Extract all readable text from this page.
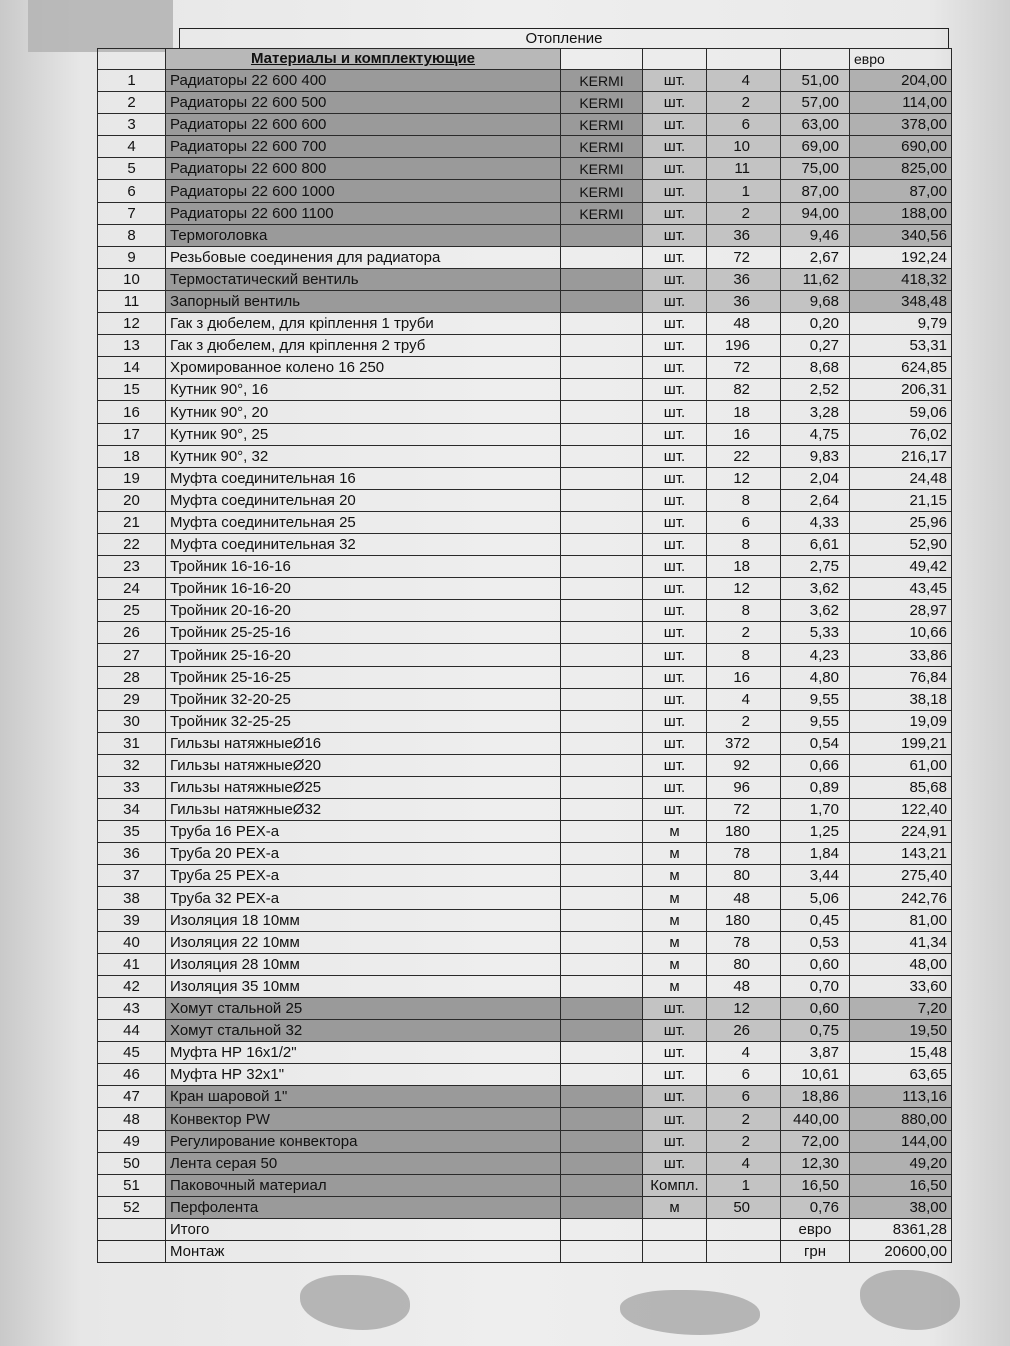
Отопление
	Материалы и комплектующие					евро
1	Радиаторы 22 600 400	KERMI	шт.	4	51,00	204,00
2	Радиаторы 22 600 500	KERMI	шт.	2	57,00	114,00
3	Радиаторы 22 600 600	KERMI	шт.	6	63,00	378,00
4	Радиаторы 22 600 700	KERMI	шт.	10	69,00	690,00
5	Радиаторы 22 600 800	KERMI	шт.	11	75,00	825,00
6	Радиаторы 22 600 1000	KERMI	шт.	1	87,00	87,00
7	Радиаторы 22 600 1100	KERMI	шт.	2	94,00	188,00
8	Термоголовка		шт.	36	9,46	340,56
9	Резьбовые соединения для радиатора		шт.	72	2,67	192,24
10	Термостатический вентиль		шт.	36	11,62	418,32
11	Запорный вентиль		шт.	36	9,68	348,48
12	Гак з дюбелем, для кріплення 1 труби		шт.	48	0,20	9,79
13	Гак з дюбелем, для кріплення 2 труб		шт.	196	0,27	53,31
14	Хромированное колено 16 250		шт.	72	8,68	624,85
15	Кутник 90°, 16		шт.	82	2,52	206,31
16	Кутник 90°, 20		шт.	18	3,28	59,06
17	Кутник 90°, 25		шт.	16	4,75	76,02
18	Кутник 90°, 32		шт.	22	9,83	216,17
19	Муфта соединительная 16		шт.	12	2,04	24,48
20	Муфта соединительная 20		шт.	8	2,64	21,15
21	Муфта соединительная 25		шт.	6	4,33	25,96
22	Муфта соединительная 32		шт.	8	6,61	52,90
23	Тройник 16-16-16		шт.	18	2,75	49,42
24	Тройник 16-16-20		шт.	12	3,62	43,45
25	Тройник 20-16-20		шт.	8	3,62	28,97
26	Тройник 25-25-16		шт.	2	5,33	10,66
27	Тройник 25-16-20		шт.	8	4,23	33,86
28	Тройник 25-16-25		шт.	16	4,80	76,84
29	Тройник 32-20-25		шт.	4	9,55	38,18
30	Тройник 32-25-25		шт.	2	9,55	19,09
31	Гильзы натяжныеØ16		шт.	372	0,54	199,21
32	Гильзы натяжныеØ20		шт.	92	0,66	61,00
33	Гильзы натяжныеØ25		шт.	96	0,89	85,68
34	Гильзы натяжныеØ32		шт.	72	1,70	122,40
35	Труба 16 PEX-a		м	180	1,25	224,91
36	Труба 20 PEX-a		м	78	1,84	143,21
37	Труба 25 PEX-a		м	80	3,44	275,40
38	Труба 32 PEX-a		м	48	5,06	242,76
39	Изоляция 18 10мм		м	180	0,45	81,00
40	Изоляция 22 10мм		м	78	0,53	41,34
41	Изоляция 28 10мм		м	80	0,60	48,00
42	Изоляция 35 10мм		м	48	0,70	33,60
43	Хомут стальной 25		шт.	12	0,60	7,20
44	Хомут стальной 32		шт.	26	0,75	19,50
45	Муфта НР 16х1/2"		шт.	4	3,87	15,48
46	Муфта НР 32х1"		шт.	6	10,61	63,65
47	Кран шаровой 1"		шт.	6	18,86	113,16
48	Конвектор PW		шт.	2	440,00	880,00
49	Регулирование конвектора		шт.	2	72,00	144,00
50	Лента серая 50		шт.	4	12,30	49,20
51	Паковочный материал		Компл.	1	16,50	16,50
52	Перфолента		м	50	0,76	38,00
	Итого				евро	8361,28
	Монтаж				грн	20600,00
